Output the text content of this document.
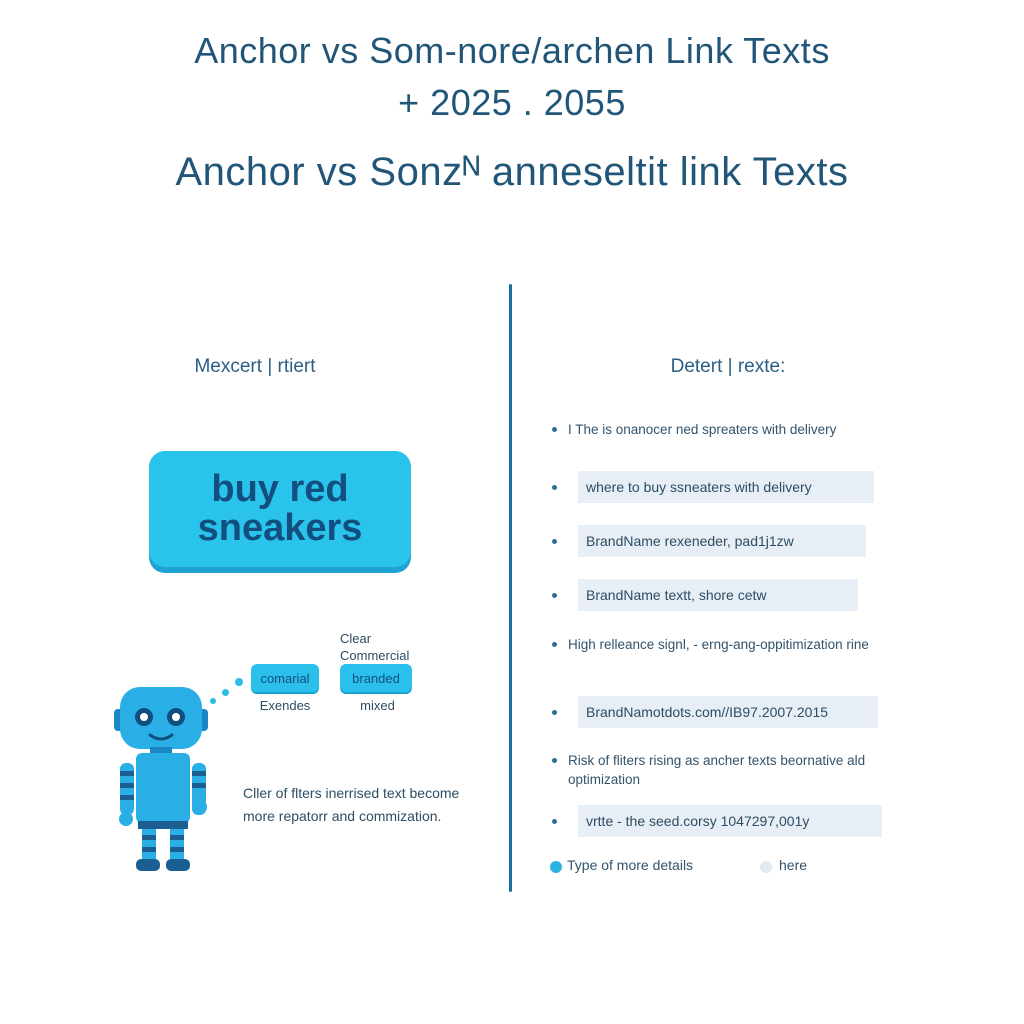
Anchor vs Som-nore/archen Link Texts
+ 2025 . 2055
Anchor vs Sonᴢᴺ anneseltit link Texts
Mexcert | rtiert
buy red sneakers
Clear
Commercial
comarial	branded
Exendes	mixed
Cller of flters inerrised text become more repatorr and commization.
Detert | rexte:
I The is onanocer ned spreaters with delivery
where to buy ssneaters with delivery
BrandName rexeneder, pad1j1zw
BrandName textt, shore cetw
High relleance signl, - erng-ang-oppitimization rine
BrandNamotdots.com//IB97.2007.2015
Risk of fliters rising as ancher texts beornative ald optimization
vrtte - the seed.corsy 1047297,001y
Type of more details	here
